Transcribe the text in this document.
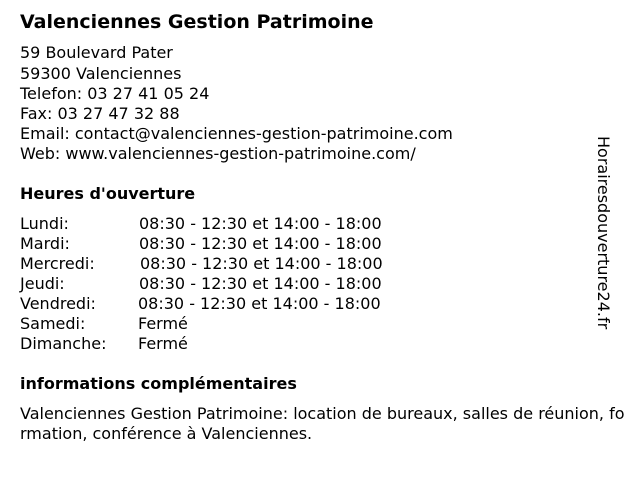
Valenciennes Gestion Patrimoine
59 Boulevard Pater
59300 Valenciennes
Telefon: 03 27 41 05 24
Fax: 03 27 47 32 88
Email: contact@valenciennes-gestion-patrimoine.com
Web: www.valenciennes-gestion-patrimoine.com/
Heures d'ouverture
Lundi:	08:30 - 12:30 et 14:00 - 18:00
Mardi:	08:30 - 12:30 et 14:00 - 18:00
Mercredi:	08:30 - 12:30 et 14:00 - 18:00
Jeudi:	08:30 - 12:30 et 14:00 - 18:00
Vendredi:	08:30 - 12:30 et 14:00 - 18:00
Samedi:	Fermé
Dimanche: Fermé
informations complémentaires
Valenciennes Gestion Patrimoine: location de bureaux, salles de réunion, formation, conférence à Valenciennes.
Horairesdouverture24.fr
